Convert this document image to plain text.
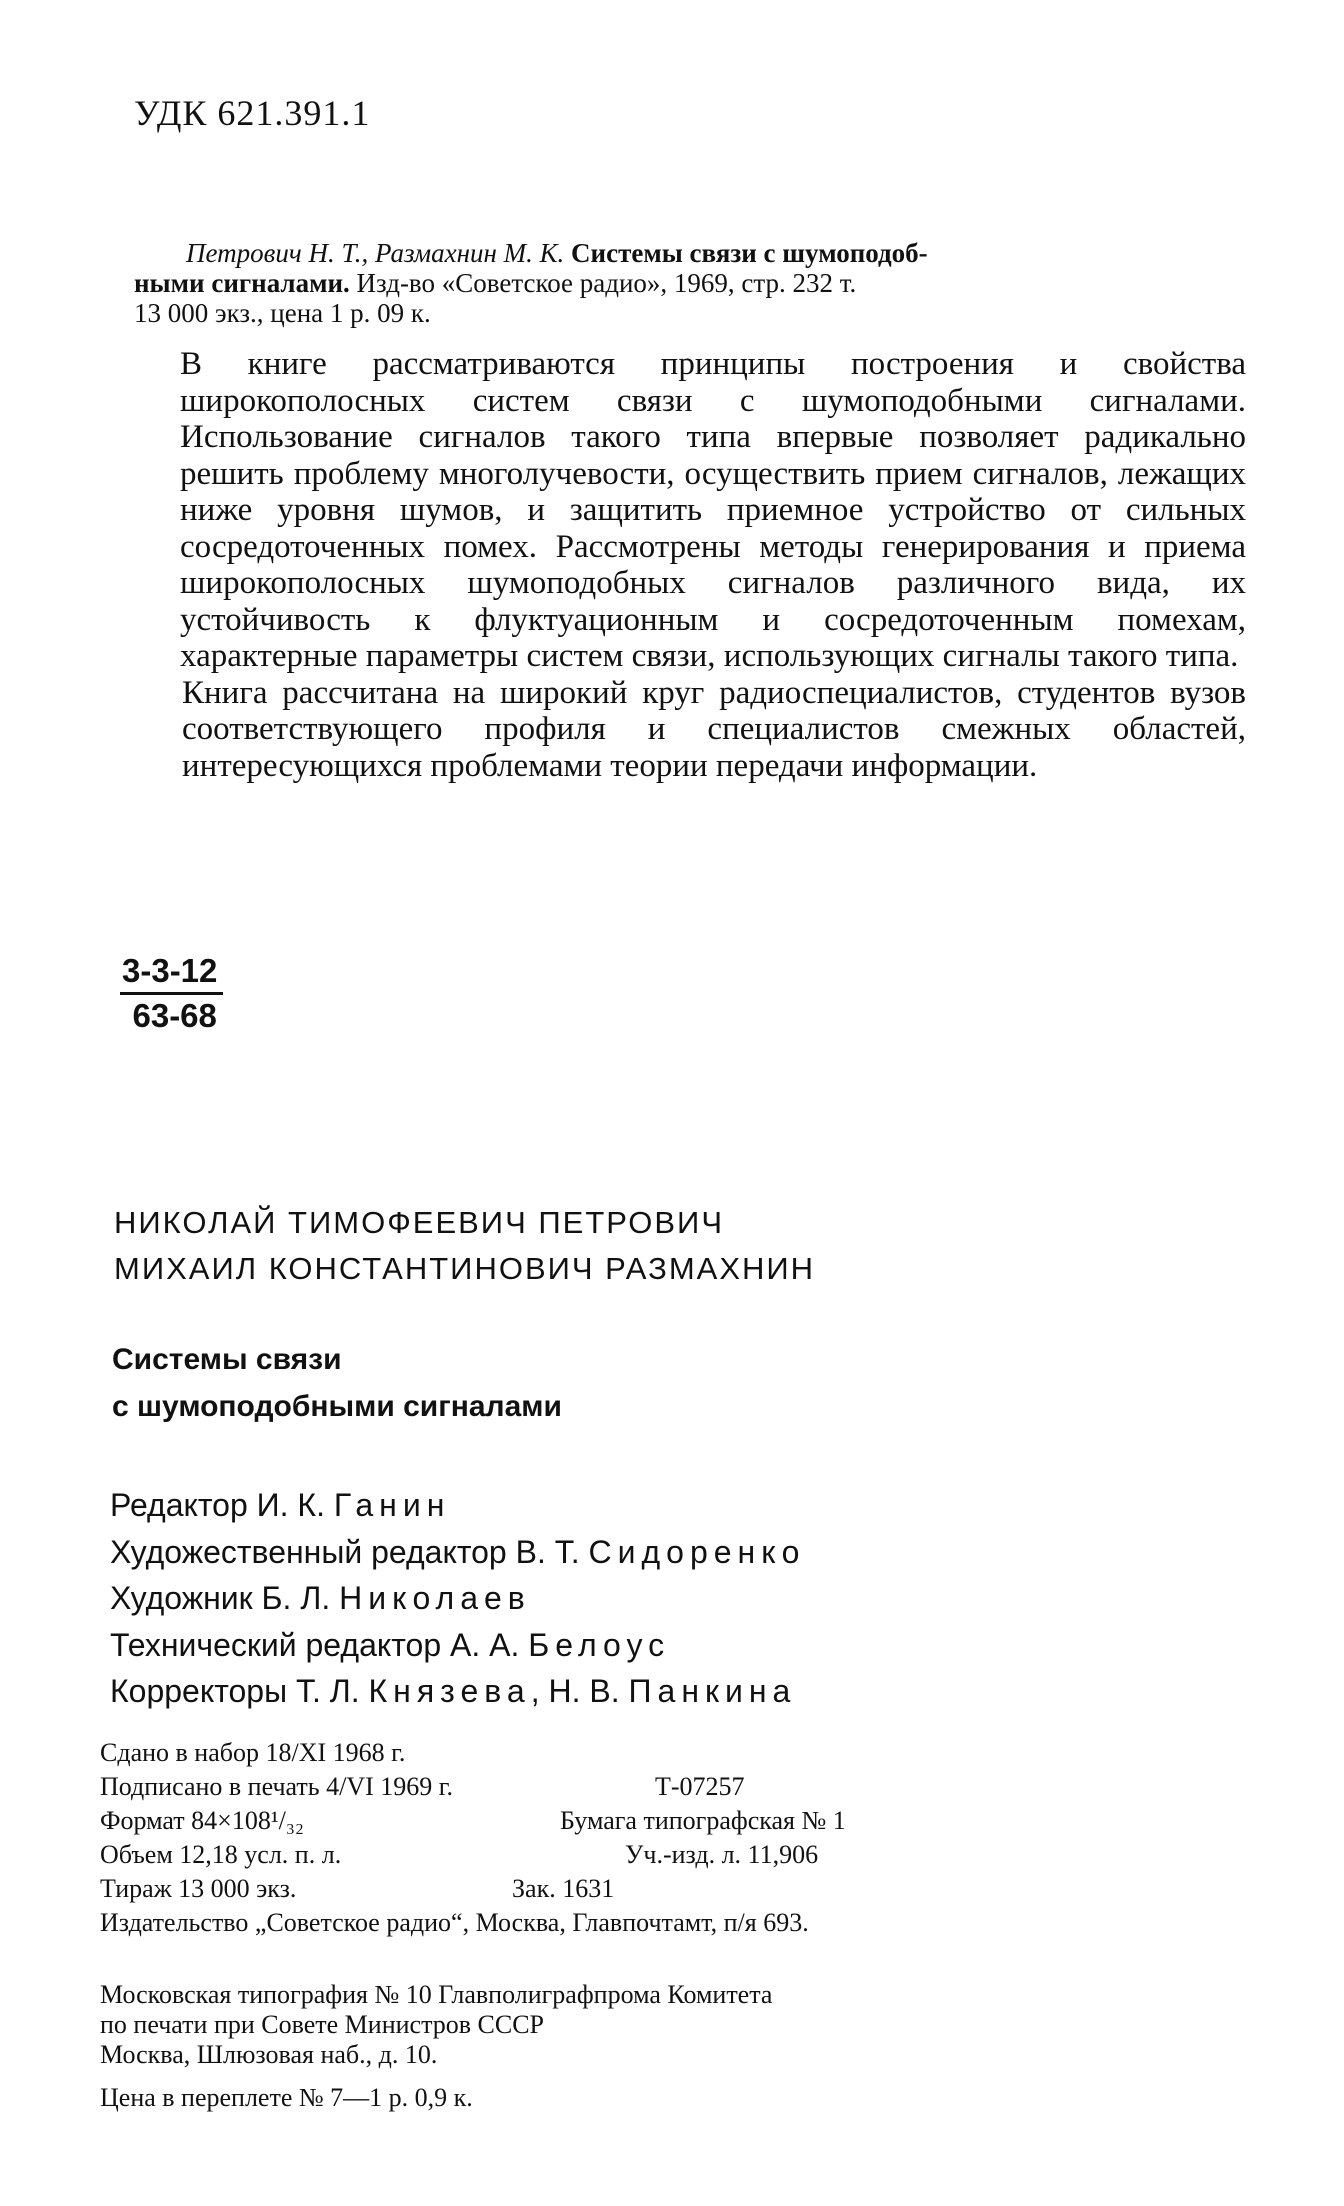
УДК 621.391.1
Петрович Н. Т., Размахнин М. К. Системы связи с шумоподоб-
ными сигналами. Изд-во «Советское радио», 1969, стр. 232 т.
13 000 экз., цена 1 р. 09 к.

В книге рассматриваются принципы построения и свойства широкополосных систем связи с шумоподобными сигналами. Использование сигналов такого типа впервые позволяет радикально решить проблему многолучевости, осуществить прием сигналов, лежащих ниже уровня шумов, и защитить приемное устройство от сильных сосредоточенных помех. Рассмотрены методы генерирования и приема широкополосных шумоподобных сигналов различного вида, их устойчивость к флуктуационным и сосредоточенным помехам, характерные параметры систем связи, использующих сигналы такого типа.

Книга рассчитана на широкий круг радиоспециалистов, студентов вузов соответствующего профиля и специалистов смежных областей, интересующихся проблемами теории передачи информации.

$\frac{3-3-12}{63-68}$
НИКОЛАЙ ТИМОФЕЕВИЧ ПЕТРОВИЧ
МИХАИЛ КОНСТАНТИНОВИЧ РАЗМАХНИН
Системы связи
с шумоподобными сигналами
Редактор И. К. Ганин
Художественный редактор В. Т. Сидоренко
Художник Б. Л. Николаев
Технический редактор А. А. Белоус
Корректоры Т. Л. Князева, Н. В. Панкина
Сдано в набор 18/XI 1968 г.
Подписано в печать 4/VI 1969 г.	Т-07257
Формат 84×108¹/₃₂	Бумага типографская № 1
Объем 12,18 усл. п. л.	Уч.-изд. л. 11,906
Тираж 13 000 экз.	Зак. 1631
Издательство „Советское радио“, Москва, Главпочтамт, п/я 693.
Московская типография № 10 Главполиграфпрома Комитета
по печати при Совете Министров СССР
Москва, Шлюзовая наб., д. 10.
Цена в переплете № 7—1 р. 0,9 к.
